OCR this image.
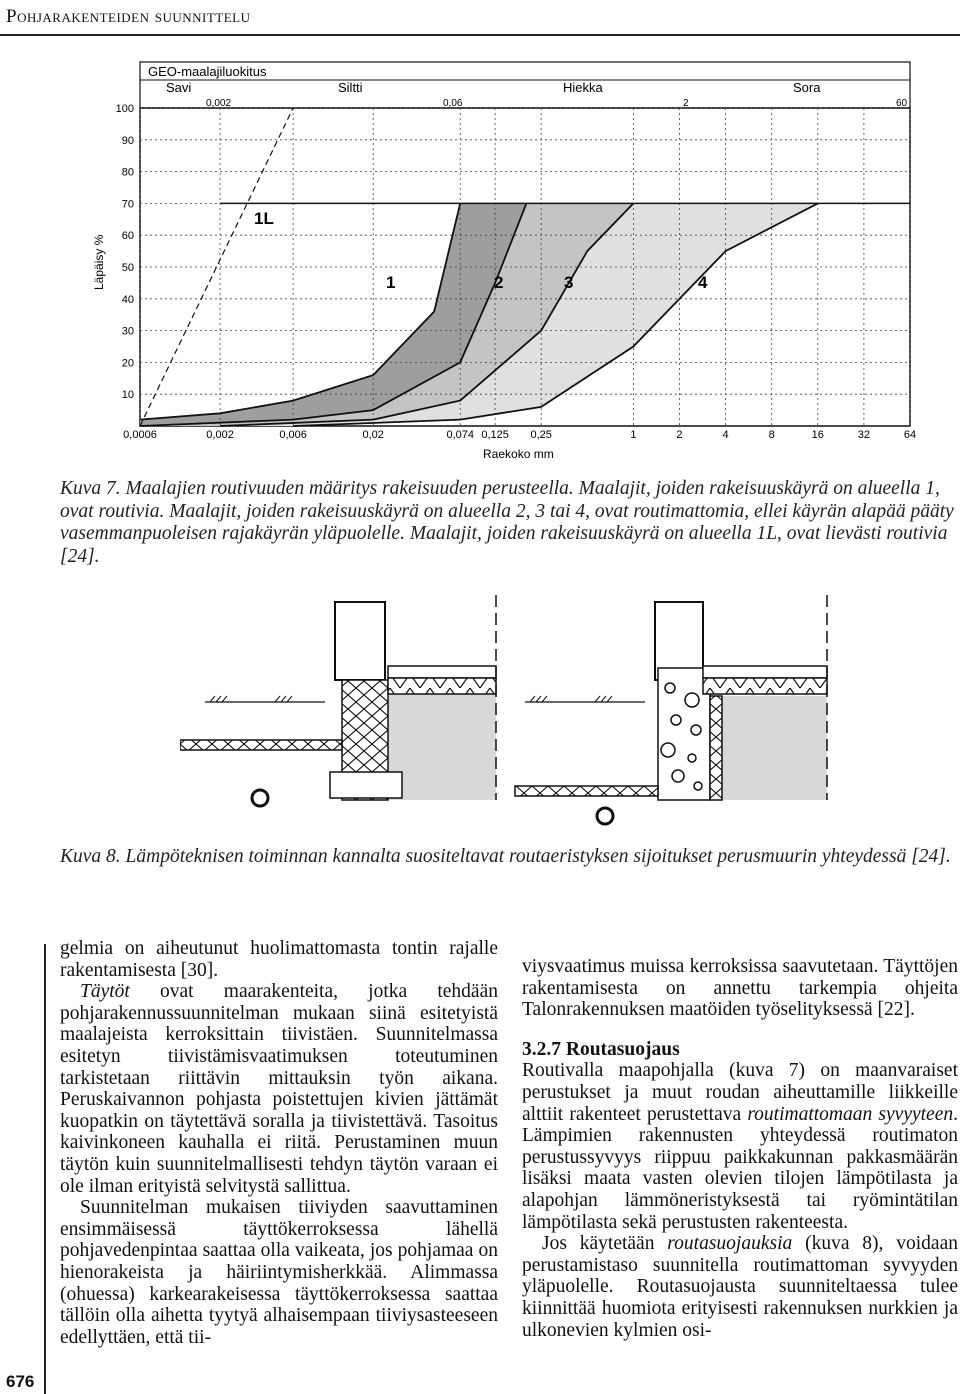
Pohjarakenteiden suunnittelu
0,0006	0,002	0,006	0,02	0,074 0,125 0,25	1	2	4	8	16	32	64
10
20
30
40
50
60
70
80
90
100
GEO-maalajiluokitus
Savi	Siltti	Hiekka	Sora
0,002	0,06	2	60
1L
1	2	3	4
Raekoko mm
Läpäisy %
Kuva 7. Maalajien routivuuden määritys rakeisuuden perusteella. Maalajit, joiden rakeisuuskäyrä on alueella 1, ovat routivia. Maalajit, joiden rakeisuuskäyrä on alueella 2, 3 tai 4, ovat routimattomia, ellei käyrän alapää pääty vasemmanpuoleisen rajakäyrän yläpuolelle. Maalajit, joiden rakeisuuskäyrä on alueella 1L, ovat lievästi routivia [24].
Kuva 8. Lämpöteknisen toiminnan kannalta suositeltavat routaeristyksen sijoitukset perusmuurin yhteydessä [24].

gelmia on aiheutunut huolimattomasta tontin rajalle rakentamisesta [30].

Täytöt ovat maarakenteita, jotka tehdään pohjarakennussuunnitelman mukaan siinä esitetyistä maalajeista kerroksittain tiivistäen. Suunnitelmassa esitetyn tiivistämisvaatimuksen toteutuminen tarkistetaan riittävin mittauksin työn aikana. Peruskaivannon pohjasta poistettujen kivien jättämät kuopatkin on täytettävä soralla ja tiivistettävä. Tasoitus kaivinkoneen kauhalla ei riitä. Perustaminen muun täytön kuin suunnitelmallisesti tehdyn täytön varaan ei ole ilman erityistä selvitystä sallittua.

Suunnitelman mukaisen tiiviyden saavuttaminen ensimmäisessä täyttökerroksessa lähellä pohjavedenpintaa saattaa olla vaikeata, jos pohjamaa on hienorakeista ja häiriintymisherkkää. Alimmassa (ohuessa) karkearakeisessa täyttökerroksessa saattaa tällöin olla aihetta tyytyä alhaisempaan tiiviysasteeseen edellyttäen, että tii-

viysvaatimus muissa kerroksissa saavutetaan. Täyttöjen rakentamisesta on annettu tarkempia ohjeita Talonrakennuksen maatöiden työselityksessä [22].

3.2.7 Routasuojaus

Routivalla maapohjalla (kuva 7) on maanvaraiset perustukset ja muut roudan aiheuttamille liikkeille alttiit rakenteet perustettava routimattomaan syvyyteen. Lämpimien rakennusten yhteydessä routimaton perustussyvyys riippuu paikkakunnan pakkasmäärän lisäksi maata vasten olevien tilojen lämpötilasta ja alapohjan lämmöneristyksestä tai ryömintätilan lämpötilasta sekä perustusten rakenteesta.

Jos käytetään routasuojauksia (kuva 8), voidaan perustamistaso suunnitella routimattoman syvyyden yläpuolelle. Routasuojausta suunniteltaessa tulee kiinnittää huomiota erityisesti rakennuksen nurkkien ja ulkonevien kylmien osi-

676
